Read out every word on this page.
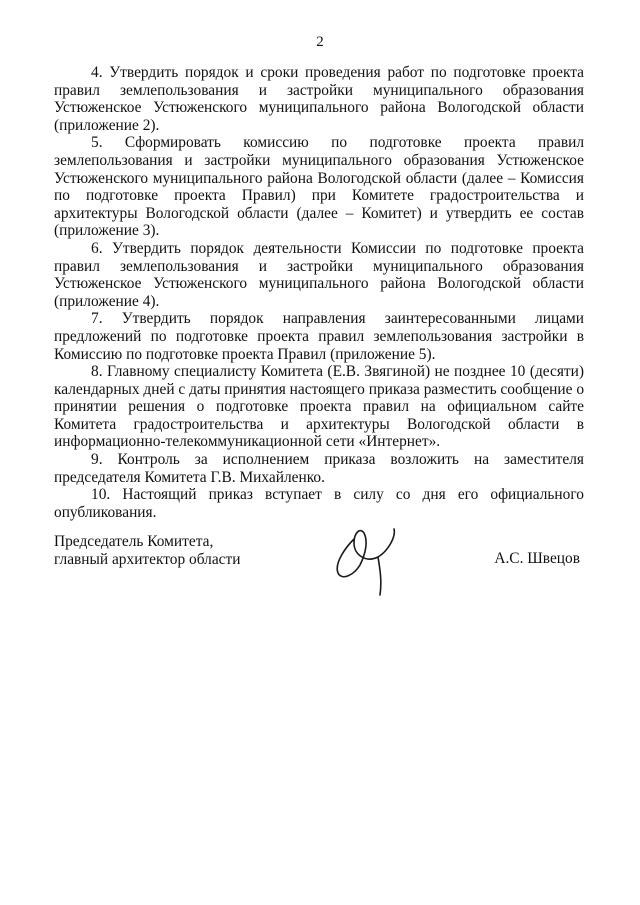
2

4. Утвердить порядок и сроки проведения работ по подготовке проекта правил землепользования и застройки муниципального образования Устюженское Устюженского муниципального района Вологодской области (приложение 2).

5. Сформировать комиссию по подготовке проекта правил землепользования и застройки муниципального образования Устюженское Устюженского муниципального района Вологодской области (далее – Комиссия по подготовке проекта Правил) при Комитете градостроительства и архитектуры Вологодской области (далее – Комитет) и утвердить ее состав (приложение 3).

6. Утвердить порядок деятельности Комиссии по подготовке проекта правил землепользования и застройки муниципального образования Устюженское Устюженского муниципального района Вологодской области (приложение 4).

7. Утвердить порядок направления заинтересованными лицами предложений по подготовке проекта правил землепользования застройки в Комиссию по подготовке проекта Правил (приложение 5).

8. Главному специалисту Комитета (Е.В. Звягиной) не позднее 10 (десяти) календарных дней с даты принятия настоящего приказа разместить сообщение о принятии решения о подготовке проекта правил на официальном сайте Комитета градостроительства и архитектуры Вологодской области в информационно-телекоммуникационной сети «Интернет».

9. Контроль за исполнением приказа возложить на заместителя председателя Комитета Г.В. Михайленко.

10. Настоящий приказ вступает в силу со дня его официального опубликования.

Председатель Комитета,
главный архитектор области	А.С. Швецов
